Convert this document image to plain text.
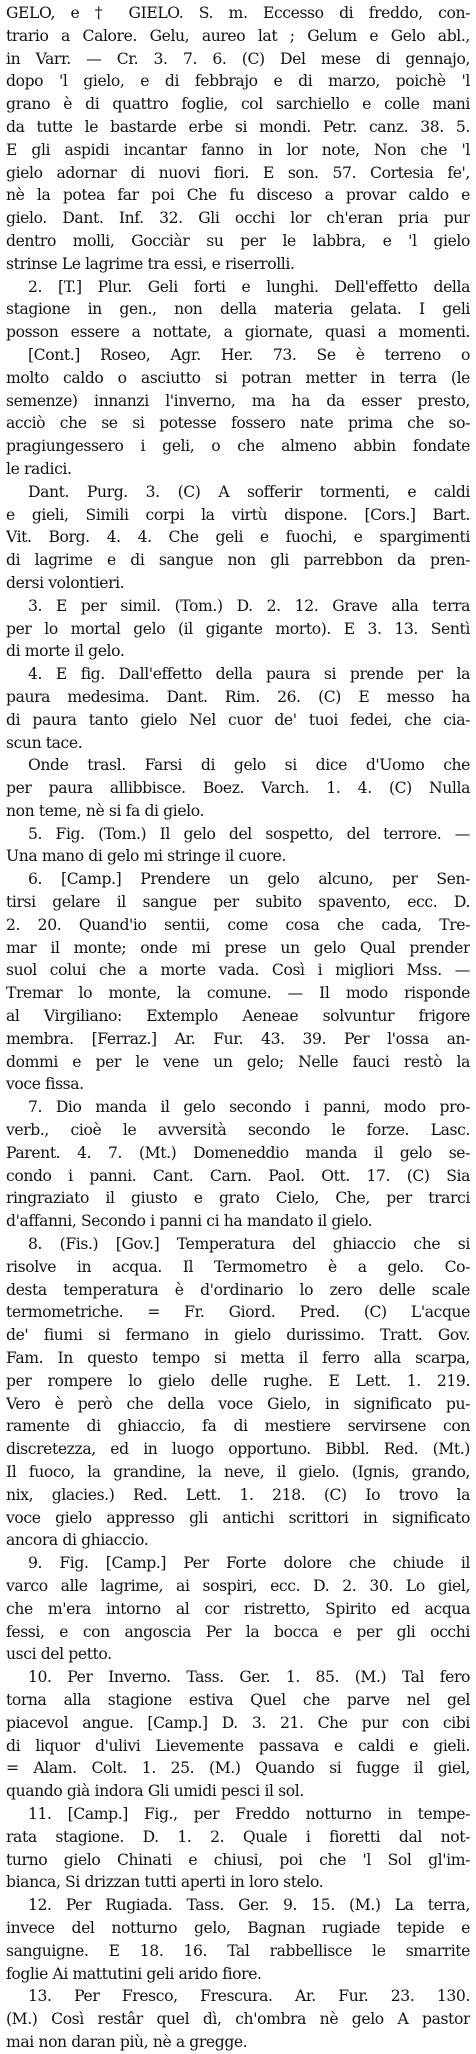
GELO, e † GIELO. S. m. Eccesso di freddo, con-
trario a Calore. Gelu, aureo lat ; Gelum e Gelo abl.,
in Varr. — Cr. 3. 7. 6. (C) Del mese di gennajo,
dopo 'l gielo, e di febbrajo e di marzo, poichè 'l
grano è di quattro foglie, col sarchiello e colle mani
da tutte le bastarde erbe si mondi. Petr. canz. 38. 5.
E gli aspidi incantar fanno in lor note, Non che 'l
gielo adornar di nuovi fiori. E son. 57. Cortesia fe',
nè la potea far poi Che fu disceso a provar caldo e
gielo. Dant. Inf. 32. Gli occhi lor ch'eran pria pur
dentro molli, Gocciàr su per le labbra, e 'l gielo
strinse Le lagrime tra essi, e riserrolli.
2. [T.] Plur. Geli forti e lunghi. Dell'effetto della
stagione in gen., non della materia gelata. I geli
posson essere a nottate, a giornate, quasi a momenti.
[Cont.] Roseo, Agr. Her. 73. Se è terreno o
molto caldo o asciutto si potran metter in terra (le
semenze) innanzi l'inverno, ma ha da esser presto,
acciò che se si potesse fossero nate prima che so-
pragiungessero i geli, o che almeno abbin fondate
le radici.
Dant. Purg. 3. (C) A sofferir tormenti, e caldi
e gieli, Simili corpi la virtù dispone. [Cors.] Bart.
Vit. Borg. 4. 4. Che geli e fuochi, e spargimenti
di lagrime e di sangue non gli parrebbon da pren-
dersi volontieri.
3. E per simil. (Tom.) D. 2. 12. Grave alla terra
per lo mortal gelo (il gigante morto). E 3. 13. Sentì
di morte il gelo.
4. E fig. Dall'effetto della paura si prende per la
paura medesima. Dant. Rim. 26. (C) E messo ha
di paura tanto gielo Nel cuor de' tuoi fedei, che cia-
scun tace.
Onde trasl. Farsi di gelo si dice d'Uomo che
per paura allibbisce. Boez. Varch. 1. 4. (C) Nulla
non teme, nè si fa di gielo.
5. Fig. (Tom.) Il gelo del sospetto, del terrore. —
Una mano di gelo mi stringe il cuore.
6. [Camp.] Prendere un gelo alcuno, per Sen-
tirsi gelare il sangue per subito spavento, ecc. D.
2. 20. Quand'io sentii, come cosa che cada, Tre-
mar il monte; onde mi prese un gelo Qual prender
suol colui che a morte vada. Così i migliori Mss. —
Tremar lo monte, la comune. — Il modo risponde
al Virgiliano: Extemplo Aeneae solvuntur frigore
membra. [Ferraz.] Ar. Fur. 43. 39. Per l'ossa an-
dommi e per le vene un gelo; Nelle fauci restò la
voce fissa.
7. Dio manda il gelo secondo i panni, modo pro-
verb., cioè le avversità secondo le forze. Lasc.
Parent. 4. 7. (Mt.) Domeneddio manda il gelo se-
condo i panni. Cant. Carn. Paol. Ott. 17. (C) Sia
ringraziato il giusto e grato Cielo, Che, per trarci
d'affanni, Secondo i panni ci ha mandato il gielo.
8. (Fis.) [Gov.] Temperatura del ghiaccio che si
risolve in acqua. Il Termometro è a gelo. Co-
desta temperatura è d'ordinario lo zero delle scale
termometriche. = Fr. Giord. Pred. (C) L'acque
de' fiumi si fermano in gielo durissimo. Tratt. Gov.
Fam. In questo tempo si metta il ferro alla scarpa,
per rompere lo gielo delle rughe. E Lett. 1. 219.
Vero è però che della voce Gielo, in significato pu-
ramente di ghiaccio, fa di mestiere servirsene con
discretezza, ed in luogo opportuno. Bibbl. Red. (Mt.)
Il fuoco, la grandine, la neve, il gielo. (Ignis, grando,
nix, glacies.) Red. Lett. 1. 218. (C) Io trovo la
voce gielo appresso gli antichi scrittori in significato
ancora di ghiaccio.
9. Fig. [Camp.] Per Forte dolore che chiude il
varco alle lagrime, ai sospiri, ecc. D. 2. 30. Lo giel,
che m'era intorno al cor ristretto, Spirito ed acqua
fessi, e con angoscia Per la bocca e per gli occhi
usci del petto.
10. Per Inverno. Tass. Ger. 1. 85. (M.) Tal fero
torna alla stagione estiva Quel che parve nel gel
piacevol angue. [Camp.] D. 3. 21. Che pur con cibi
di liquor d'ulivi Lievemente passava e caldi e gieli.
= Alam. Colt. 1. 25. (M.) Quando si fugge il giel,
quando già indora Gli umidi pesci il sol.
11. [Camp.] Fig., per Freddo notturno in tempe-
rata stagione. D. 1. 2. Quale i fioretti dal not-
turno gielo Chinati e chiusi, poi che 'l Sol gl'im-
bianca, Si drizzan tutti aperti in loro stelo.
12. Per Rugiada. Tass. Ger. 9. 15. (M.) La terra,
invece del notturno gelo, Bagnan rugiade tepide e
sanguigne. E 18. 16. Tal rabbellisce le smarrite
foglie Ai mattutini geli arido fiore.
13. Per Fresco, Frescura. Ar. Fur. 23. 130.
(M.) Così restâr quel dì, ch'ombra nè gelo A pastor
mai non daran più, nè a gregge.
